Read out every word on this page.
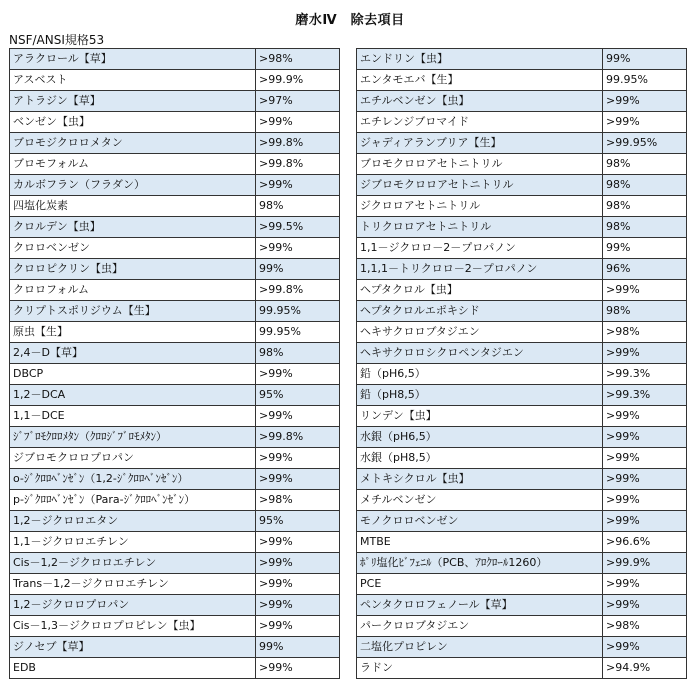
磨水Ⅳ　除去項目
NSF/ANSI規格53
アラクロール【草】	>98%
アスベスト	>99.9%
アトラジン【草】	>97%
ベンゼン【虫】	>99%
ブロモジクロロメタン	>99.8%
ブロモフォルム	>99.8%
カルボフラン（フラダン）	>99%
四塩化炭素	98%
クロルデン【虫】	>99.5%
クロロベンゼン	>99%
クロロピクリン【虫】	99%
クロロフォルム	>99.8%
クリプトスポリジウム【生】	99.95%
原虫【生】	99.95%
2,4－D【草】	98%
DBCP	>99%
1,2－DCA	95%
1,1－DCE	>99%
ｼﾞﾌﾞﾛﾓｸﾛﾛﾒﾀﾝ（ｸﾛﾛｼﾞﾌﾞﾛﾓﾒﾀﾝ）	>99.8%
ジブロモクロロプロパン	>99%
o-ｼﾞｸﾛﾛﾍﾞﾝｾﾞﾝ（1,2-ｼﾞｸﾛﾛﾍﾞﾝｾﾞﾝ）	>99%
p-ｼﾞｸﾛﾛﾍﾞﾝｾﾞﾝ（Para-ｼﾞｸﾛﾛﾍﾞﾝｾﾞﾝ）	>98%
1,2－ジクロロエタン	95%
1,1－ジクロロエチレン	>99%
Cis－1,2－ジクロロエチレン	>99%
Trans－1,2－ジクロロエチレン	>99%
1,2－ジクロロプロパン	>99%
Cis－1,3－ジクロロプロピレン【虫】	>99%
ジノセブ【草】	99%
EDB	>99%
エンドリン【虫】	99%
エンタモエバ【生】	99.95%
エチルベンゼン【虫】	>99%
エチレンジブロマイド	>99%
ジャディアランブリア【生】	>99.95%
ブロモクロロアセトニトリル	98%
ジブロモクロロアセトニトリル	98%
ジクロロアセトニトリル	98%
トリクロロアセトニトリル	98%
1,1－ジクロロ－2－プロパノン	99%
1,1,1－トリクロロ－2－プロパノン	96%
ヘプタクロル【虫】	>99%
ヘプタクロルエポキシド	98%
ヘキサクロロブタジエン	>98%
ヘキサクロロシクロペンタジエン	>99%
鉛（pH6,5）	>99.3%
鉛（pH8,5）	>99.3%
リンデン【虫】	>99%
水銀（pH6,5）	>99%
水銀（pH8,5）	>99%
メトキシクロル【虫】	>99%
メチルベンゼン	>99%
モノクロロベンゼン	>99%
MTBE	>96.6%
ﾎﾟﾘ塩化ﾋﾞﾌｪﾆﾙ（PCB、ｱﾛｸﾛｰﾙ1260）	>99.9%
PCE	>99%
ペンタクロロフェノール【草】	>99%
パークロロブタジエン	>98%
二塩化プロピレン	>99%
ラドン	>94.9%
